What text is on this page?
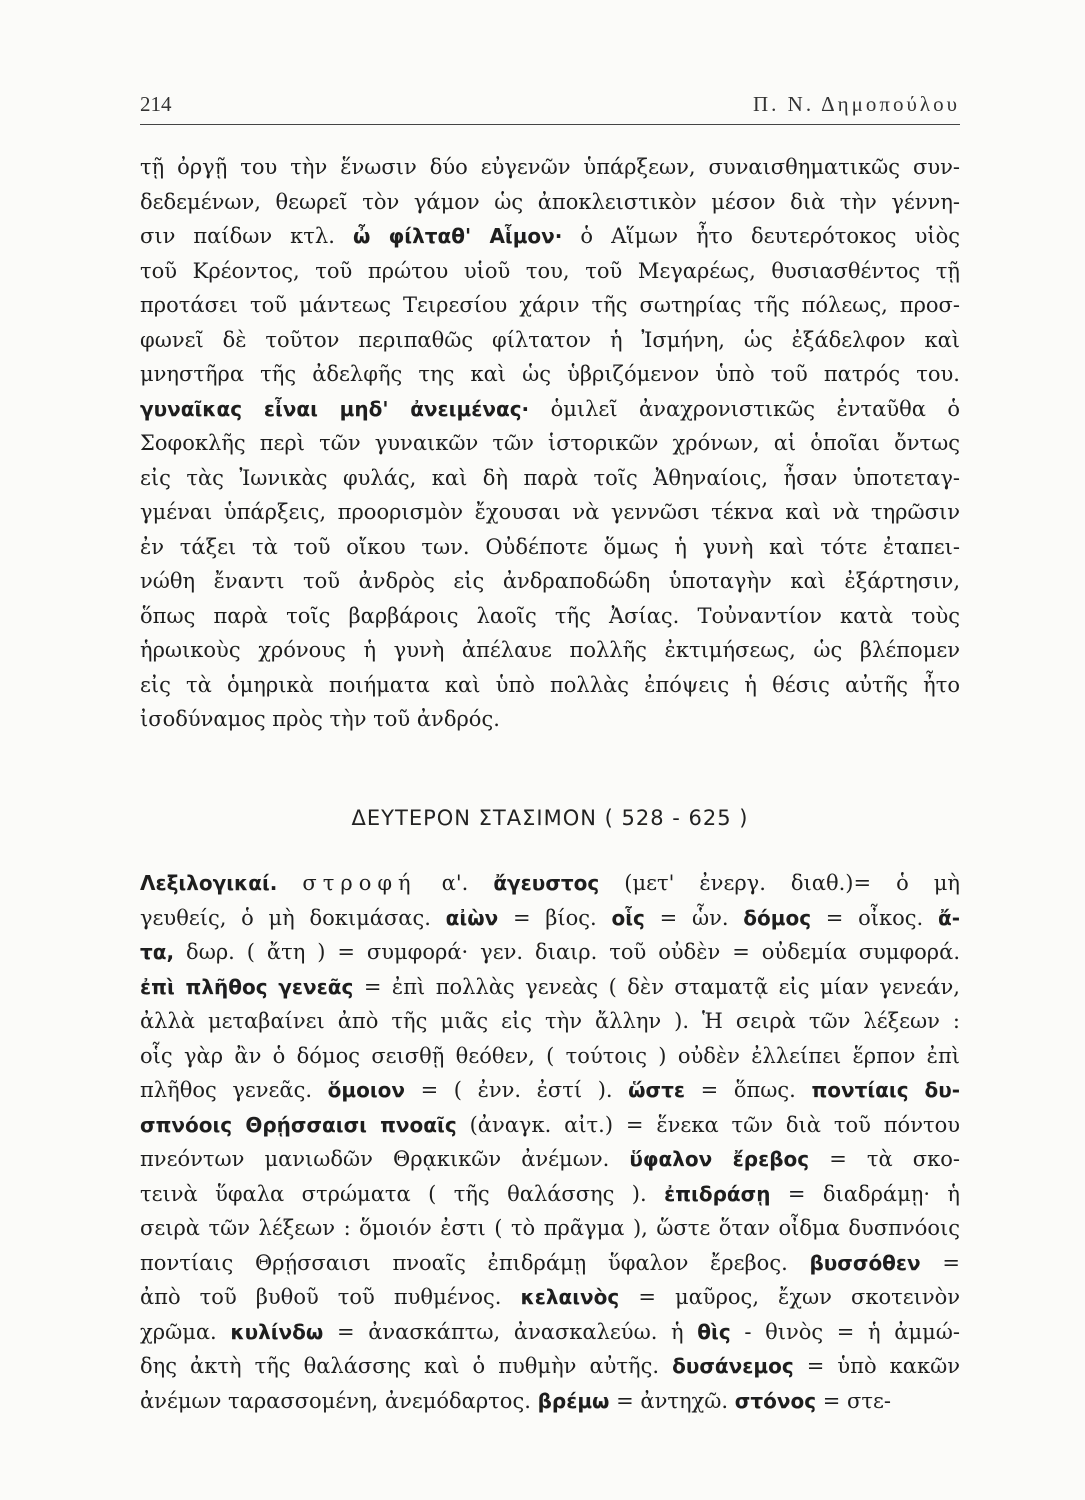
214	Π. Ν. Δημοπούλου
τῇ ὀργῇ του τὴν ἕνωσιν δύο εὐγενῶν ὑπάρξεων, συναισθηματικῶς συν-
δεδεμένων, θεωρεῖ τὸν γάμον ὡς ἀποκλειστικὸν μέσον διὰ τὴν γέννη-
σιν παίδων κτλ. ὦ φίλταθ' Αἷμον· ὁ Αἵμων ἦτο δευτερότοκος υἱὸς
τοῦ Κρέοντος, τοῦ πρώτου υἱοῦ του, τοῦ Μεγαρέως, θυσιασθέντος τῇ
προτάσει τοῦ μάντεως Τειρεσίου χάριν τῆς σωτηρίας τῆς πόλεως, προσ-
φωνεῖ δὲ τοῦτον περιπαθῶς φίλτατον ἡ Ἰσμήνη, ὡς ἐξάδελφον καὶ
μνηστῆρα τῆς ἀδελφῆς της καὶ ὡς ὑβριζόμενον ὑπὸ τοῦ πατρός του.
γυναῖκας εἶναι μηδ' ἀνειμένας· ὁμιλεῖ ἀναχρονιστικῶς ἐνταῦθα ὁ
Σοφοκλῆς περὶ τῶν γυναικῶν τῶν ἱστορικῶν χρόνων, αἱ ὁποῖαι ὄντως
εἰς τὰς Ἰωνικὰς φυλάς, καὶ δὴ παρὰ τοῖς Ἀθηναίοις, ἦσαν ὑποτεταγ-
γμέναι ὑπάρξεις, προορισμὸν ἔχουσαι νὰ γεννῶσι τέκνα καὶ νὰ τηρῶσιν
ἐν τάξει τὰ τοῦ οἴκου των. Οὐδέποτε ὅμως ἡ γυνὴ καὶ τότε ἐταπει-
νώθη ἔναντι τοῦ ἀνδρὸς εἰς ἀνδραποδώδη ὑποταγὴν καὶ ἐξάρτησιν,
ὅπως παρὰ τοῖς βαρβάροις λαοῖς τῆς Ἀσίας. Τοὐναντίον κατὰ τοὺς
ἡρωικοὺς χρόνους ἡ γυνὴ ἀπέλαυε πολλῆς ἐκτιμήσεως, ὡς βλέπομεν
εἰς τὰ ὁμηρικὰ ποιήματα καὶ ὑπὸ πολλὰς ἐπόψεις ἡ θέσις αὐτῆς ἦτο
ἰσοδύναμος πρὸς τὴν τοῦ ἀνδρός.
ΔΕΥΤΕΡΟΝ ΣΤΑΣΙΜΟΝ ( 528 - 625 )
Λεξιλογικαί. στροφή α'. ἄγευστος (μετ' ἐνεργ. διαθ.)= ὁ μὴ
γευθείς, ὁ μὴ δοκιμάσας. αἰὼν = βίος. οἷς = ὧν. δόμος = οἶκος. ἄ-
τα, δωρ. ( ἄτη ) = συμφορά· γεν. διαιρ. τοῦ οὐδὲν = οὐδεμία συμφορά.
ἐπὶ πλῆθος γενεᾶς = ἐπὶ πολλὰς γενεὰς ( δὲν σταματᾷ εἰς μίαν γενεάν,
ἀλλὰ μεταβαίνει ἀπὸ τῆς μιᾶς εἰς τὴν ἄλλην ). Ἡ σειρὰ τῶν λέξεων :
οἷς γὰρ ἂν ὁ δόμος σεισθῇ θεόθεν, ( τούτοις ) οὐδὲν ἐλλείπει ἕρπον ἐπὶ
πλῆθος γενεᾶς. ὅμοιον = ( ἐνν. ἐστί ). ὥστε = ὅπως. ποντίαις δυ-
σπνόοις Θρῄσσαισι πνοαῖς (ἀναγκ. αἰτ.) = ἕνεκα τῶν διὰ τοῦ πόντου
πνεόντων μανιωδῶν Θρᾳκικῶν ἀνέμων. ὕφαλον ἔρεβος = τὰ σκο-
τεινὰ ὕφαλα στρώματα ( τῆς θαλάσσης ). ἐπιδράσῃ = διαδράμῃ· ἡ
σειρὰ τῶν λέξεων : ὅμοιόν ἐστι ( τὸ πρᾶγμα ), ὥστε ὅταν οἶδμα δυσπνόοις
ποντίαις Θρῄσσαισι πνοαῖς ἐπιδράμῃ ὕφαλον ἔρεβος. βυσσόθεν =
ἀπὸ τοῦ βυθοῦ τοῦ πυθμένος. κελαινὸς = μαῦρος, ἔχων σκοτεινὸν
χρῶμα. κυλίνδω = ἀνασκάπτω, ἀνασκαλεύω. ἡ θὶς - θινὸς = ἡ ἀμμώ-
δης ἀκτὴ τῆς θαλάσσης καὶ ὁ πυθμὴν αὐτῆς. δυσάνεμος = ὑπὸ κακῶν
ἀνέμων ταρασσομένη, ἀνεμόδαρτος. βρέμω = ἀντηχῶ. στόνος = στε-
